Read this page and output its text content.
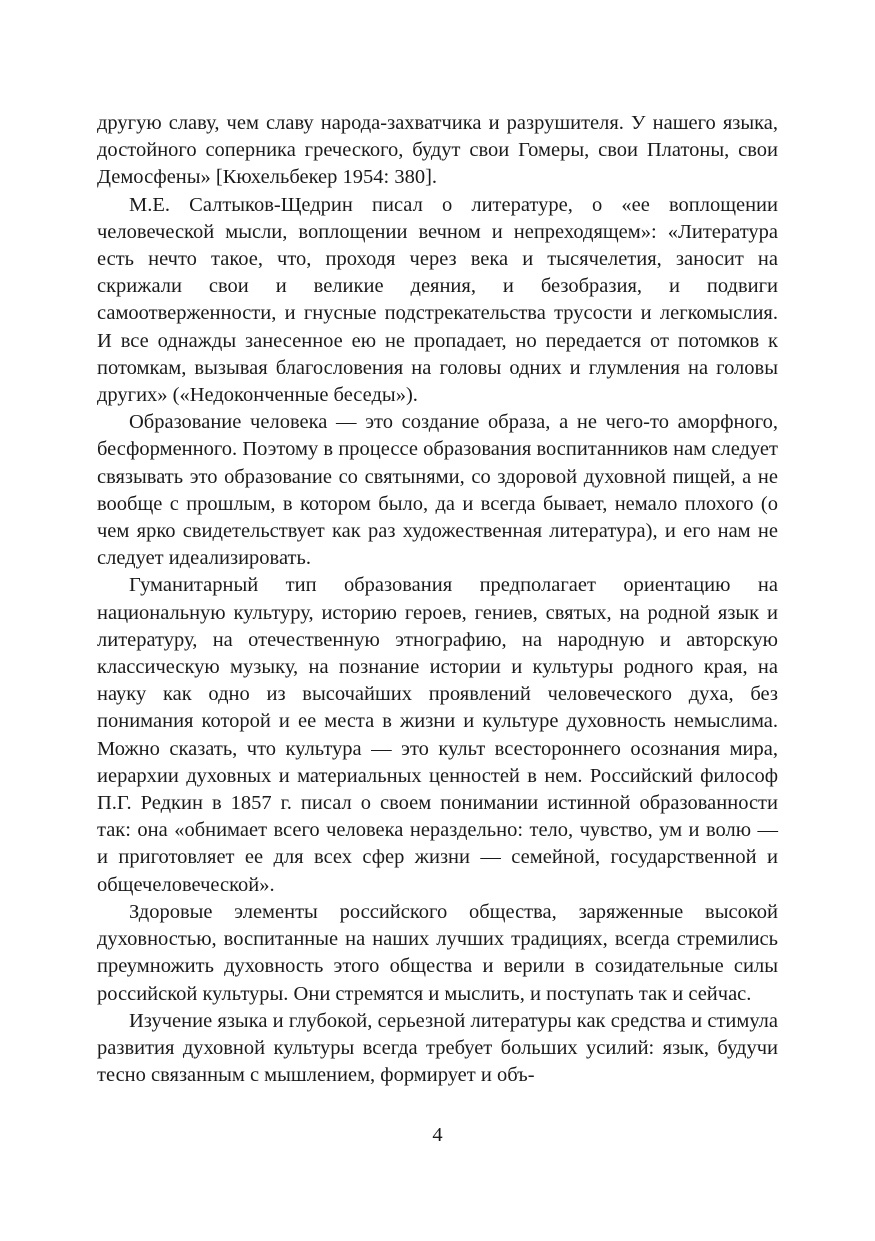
другую славу, чем славу народа-захватчика и разрушителя. У нашего языка, достойного соперника греческого, будут свои Гомеры, свои Платоны, свои Демосфены» [Кюхельбекер 1954: 380].

М.Е. Салтыков-Щедрин писал о литературе, о «ее воплощении человеческой мысли, воплощении вечном и непреходящем»: «Литература есть нечто такое, что, проходя через века и тысячелетия, заносит на скрижали свои и великие деяния, и безобразия, и подвиги самоотверженности, и гнусные подстрекательства трусости и легкомыслия. И все однажды занесенное ею не пропадает, но передается от потомков к потомкам, вызывая благословения на головы одних и глумления на головы других» («Недоконченные беседы»).

Образование человека — это создание образа, а не чего-то аморфного, бесформенного. Поэтому в процессе образования воспитанников нам следует связывать это образование со святынями, со здоровой духовной пищей, а не вообще с прошлым, в котором было, да и всегда бывает, немало плохого (о чем ярко свидетельствует как раз художественная литература), и его нам не следует идеализировать.

Гуманитарный тип образования предполагает ориентацию на национальную культуру, историю героев, гениев, святых, на родной язык и литературу, на отечественную этнографию, на народную и авторскую классическую музыку, на познание истории и культуры родного края, на науку как одно из высочайших проявлений человеческого духа, без понимания которой и ее места в жизни и культуре духовность немыслима. Можно сказать, что культура — это культ всестороннего осознания мира, иерархии духовных и материальных ценностей в нем. Российский философ П.Г. Редкин в 1857 г. писал о своем понимании истинной образованности так: она «обнимает всего человека нераздельно: тело, чувство, ум и волю — и приготовляет ее для всех сфер жизни — семейной, государственной и общечеловеческой».

Здоровые элементы российского общества, заряженные высокой духовностью, воспитанные на наших лучших традициях, всегда стремились преумножить духовность этого общества и верили в созидательные силы российской культуры. Они стремятся и мыслить, и поступать так и сейчас.

Изучение языка и глубокой, серьезной литературы как средства и стимула развития духовной культуры всегда требует больших усилий: язык, будучи тесно связанным с мышлением, формирует и объ-

4
